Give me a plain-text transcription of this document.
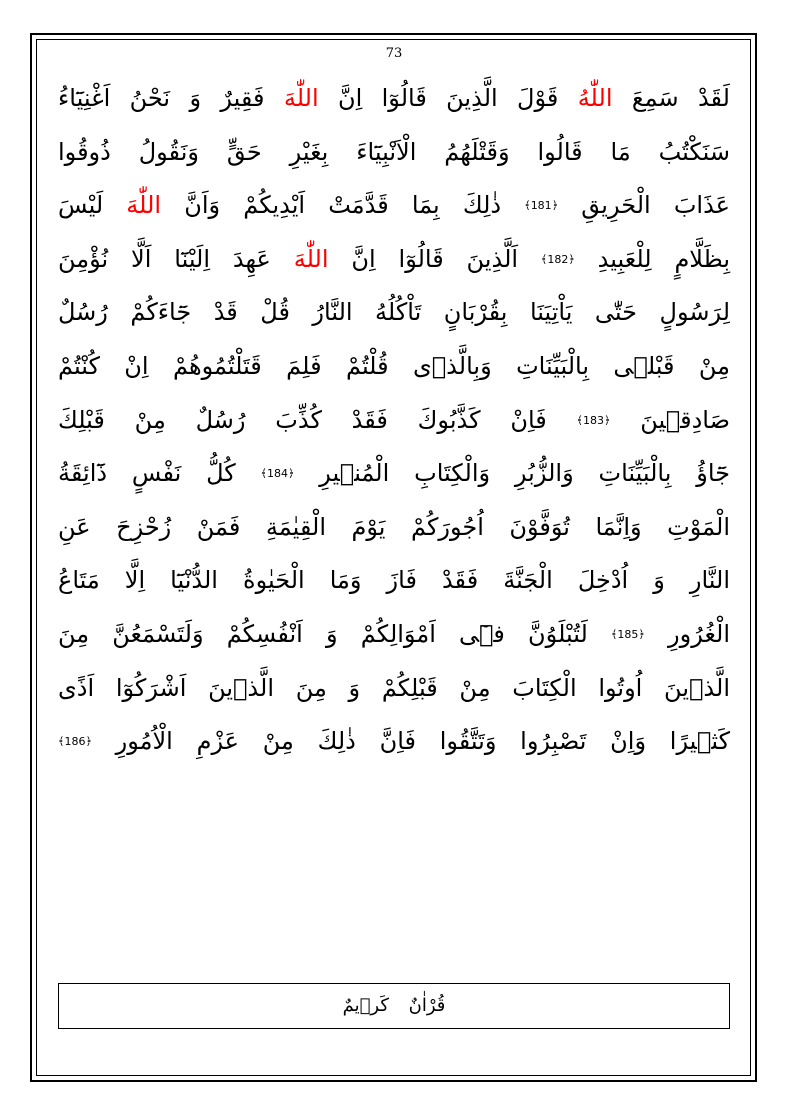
73
لَقَدْ سَمِعَ اللّٰهُ قَوْلَ الَّذِينَ قَالُوٓا اِنَّ اللّٰهَ فَقِيرٌ وَ نَحْنُ اَغْنِيَٓاءُ
سَنَكْتُبُ مَا قَالُوا وَقَتْلَهُمُ الْاَنْبِيَٓاءَ بِغَيْرِ حَقٍّ وَنَقُولُ ذُوقُوا
عَذَابَ الْحَرِيقِ ﴿181﴾ ذٰلِكَ بِمَا قَدَّمَتْ اَيْدِيكُمْ وَاَنَّ اللّٰهَ لَيْسَ
بِظَلَّامٍ لِلْعَبِيدِ ﴿182﴾ اَلَّذِينَ قَالُوٓا اِنَّ اللّٰهَ عَهِدَ اِلَيْنَٓا اَلَّا نُؤْمِنَ
لِرَسُولٍ حَتّٰى يَاْتِيَنَا بِقُرْبَانٍ تَاْكُلُهُ النَّارُ قُلْ قَدْ جَٓاءَكُمْ رُسُلٌ
مِنْ قَبْلٖى بِالْبَيِّنَاتِ وَبِالَّذٖى قُلْتُمْ فَلِمَ قَتَلْتُمُوهُمْ اِنْ كُنْتُمْ
صَادِقٖينَ ﴿183﴾ فَاِنْ كَذَّبُوكَ فَقَدْ كُذِّبَ رُسُلٌ مِنْ قَبْلِكَ
جَٓاؤُ بِالْبَيِّنَاتِ وَالزُّبُرِ وَالْكِتَابِ الْمُنٖيرِ ﴿184﴾ كُلُّ نَفْسٍ ذَٓائِقَةُ
الْمَوْتِ وَاِنَّمَا تُوَفَّوْنَ اُجُورَكُمْ يَوْمَ الْقِيٰمَةِ فَمَنْ زُحْزِحَ عَنِ
النَّارِ وَ اُدْخِلَ الْجَنَّةَ فَقَدْ فَازَ وَمَا الْحَيٰوةُ الدُّنْيَٓا اِلَّا مَتَاعُ
الْغُرُورِ ﴿185﴾ لَتُبْلَوُنَّ فٖٓى اَمْوَالِكُمْ وَ اَنْفُسِكُمْ وَلَتَسْمَعُنَّ مِنَ
الَّذٖينَ اُوتُوا الْكِتَابَ مِنْ قَبْلِكُمْ وَ مِنَ الَّذٖينَ اَشْرَكُوٓا اَذًى
كَثٖيرًا وَاِنْ تَصْبِرُوا وَتَتَّقُوا فَاِنَّ ذٰلِكَ مِنْ عَزْمِ الْاُمُورِ ﴿186﴾
قُرْاٰنٌ كَرٖيمٌ
